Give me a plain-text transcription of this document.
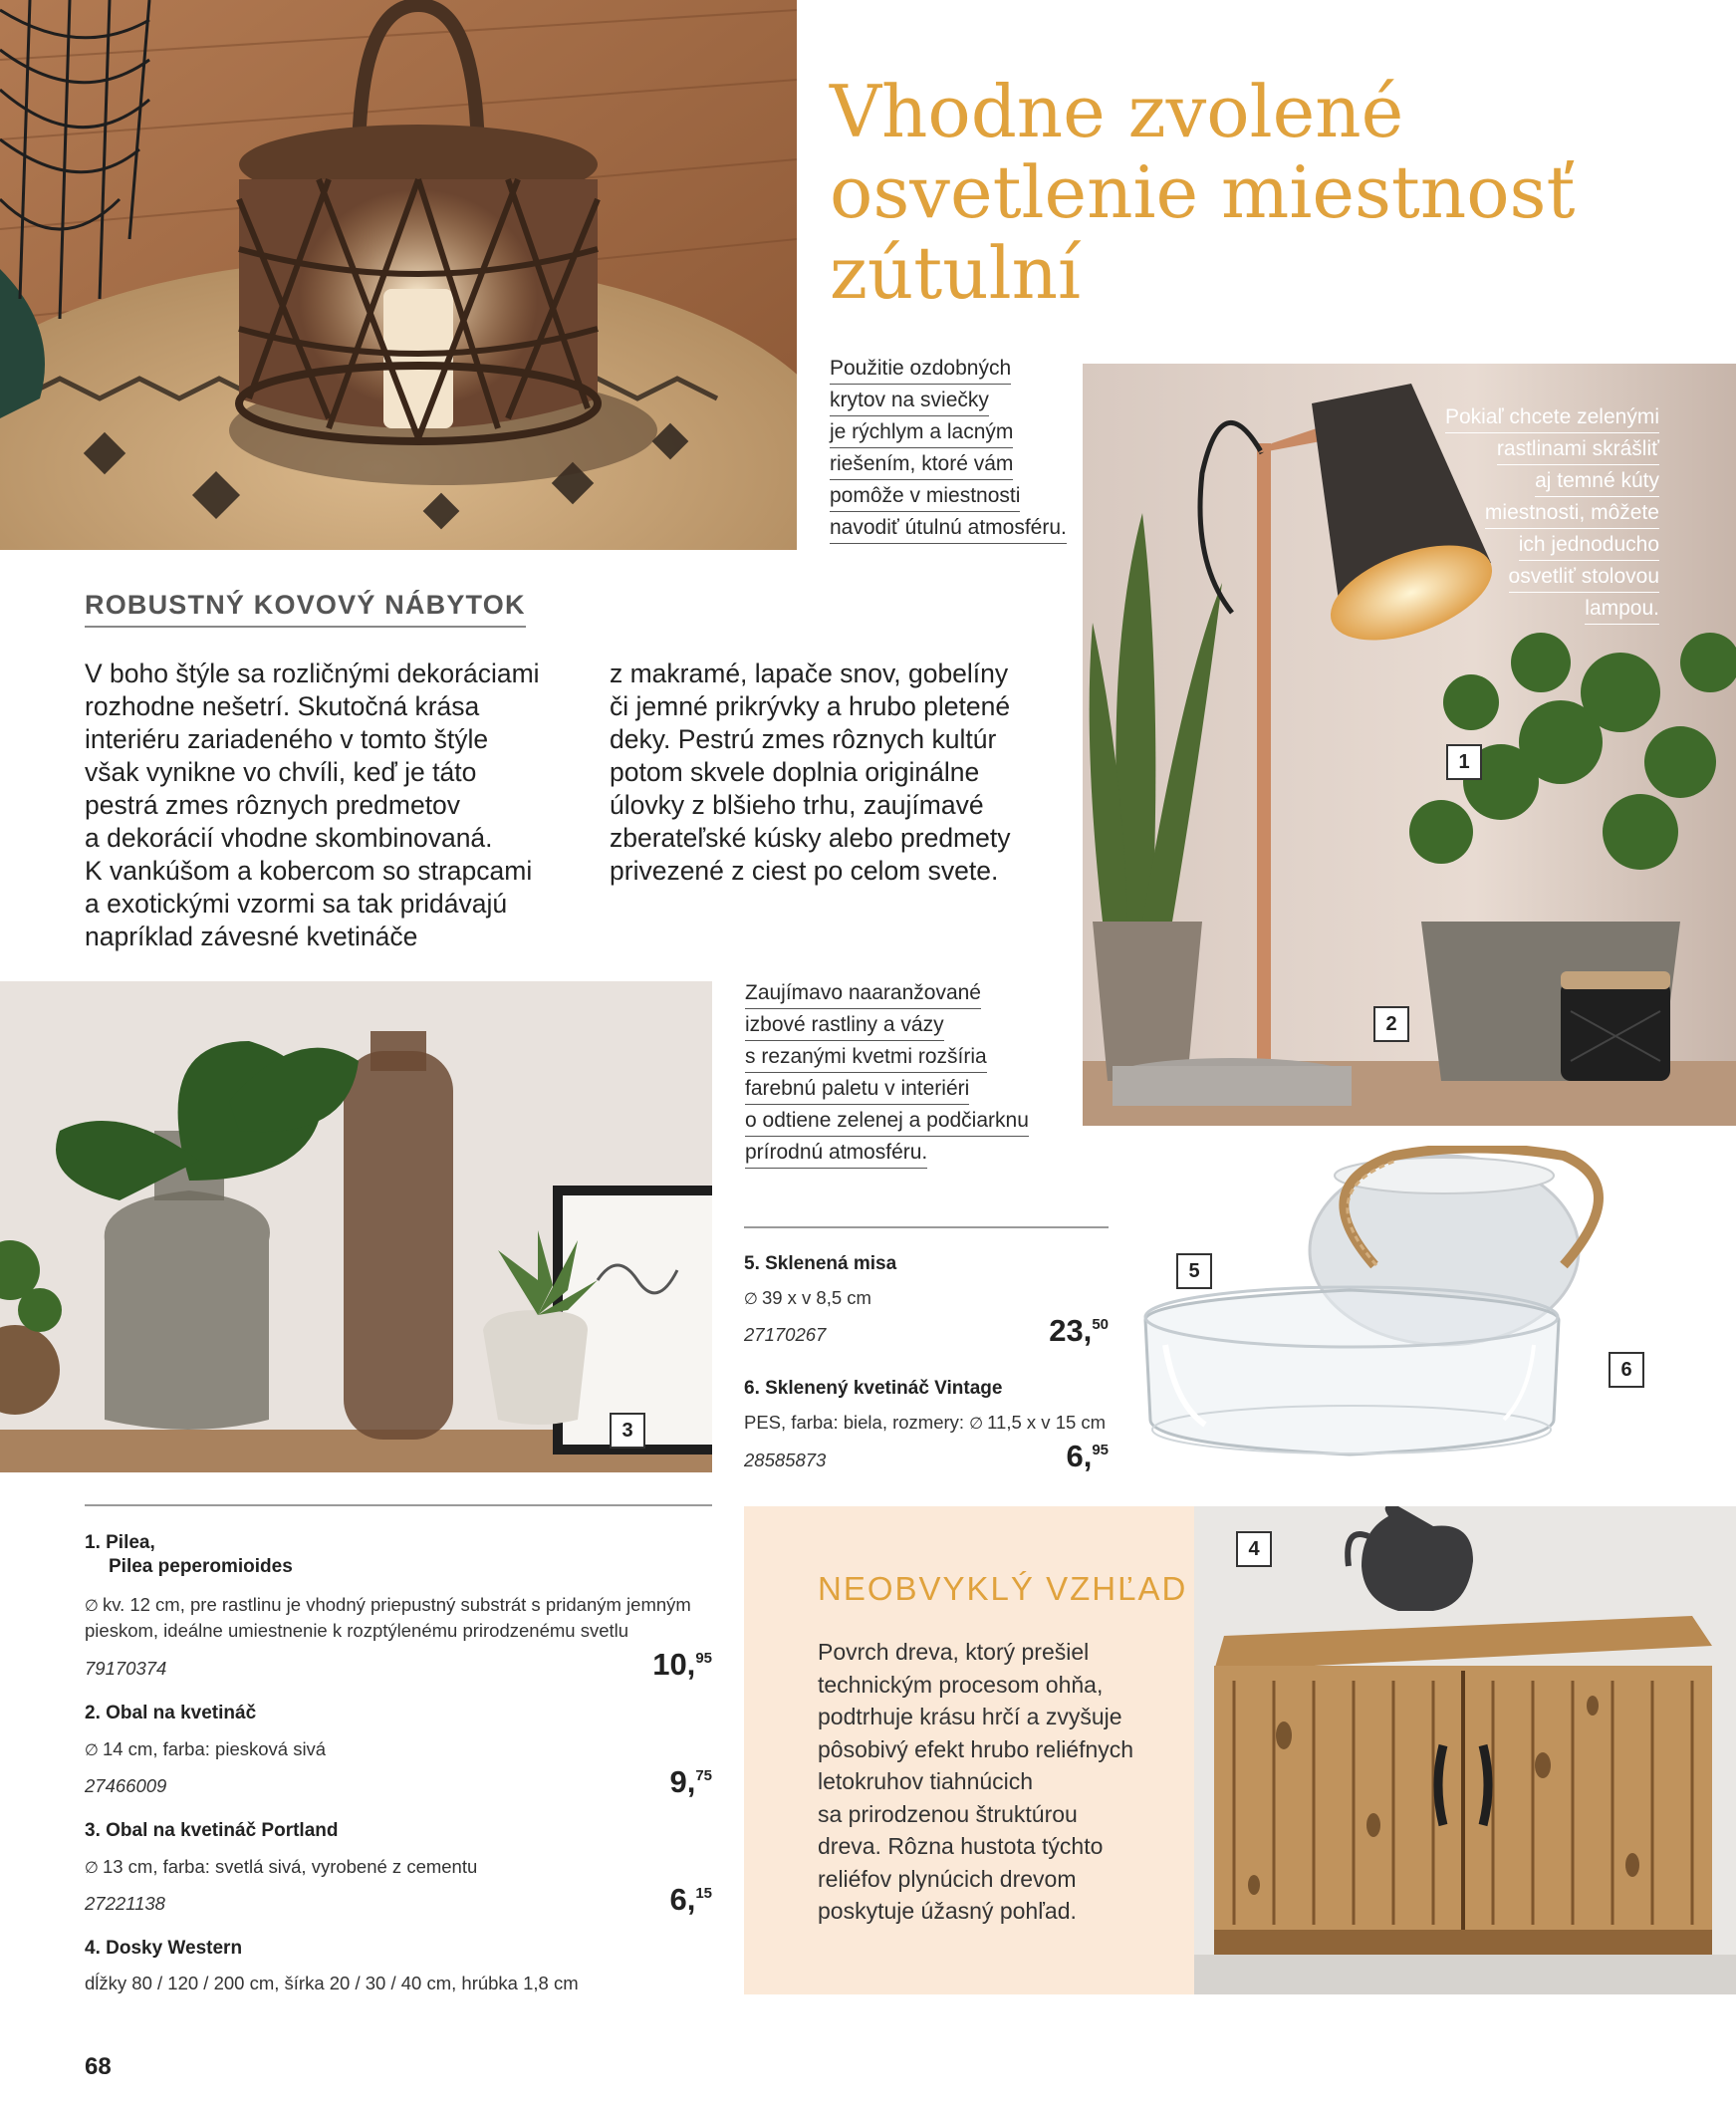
Vhodne zvolené
osvetlenie miestnosť
zútulní
Použitie ozdobných
krytov na sviečky
je rýchlym a lacným
riešením, ktoré vám
pomôže v miestnosti
navodiť útulnú atmosféru.
Pokiaľ chcete zelenými
rastlinami skrášliť
aj temné kúty
miestnosti, môžete
ich jednoducho
osvetliť stolovou
lampou.
1
2
ROBUSTNÝ KOVOVÝ NÁBYTOK
V boho štýle sa rozličnými dekoráciami
rozhodne nešetrí. Skutočná krása
interiéru zariadeného v tomto štýle
však vynikne vo chvíli, keď je táto
pestrá zmes rôznych predmetov
a dekorácií vhodne skombinovaná.
K vankúšom a kobercom so strapcami
a exotickými vzormi sa tak pridávajú
napríklad závesné kvetináče
z makramé, lapače snov, gobelíny
či jemné prikrývky a hrubo pletené
deky. Pestrú zmes rôznych kultúr
potom skvele doplnia originálne
úlovky z blšieho trhu, zaujímavé
zberateľské kúsky alebo predmety
privezené z ciest po celom svete.
3
Zaujímavo naaranžované
izbové rastliny a vázy
s rezanými kvetmi rozšíria
farebnú paletu v interiéri
o odtiene zelenej a podčiarknu
prírodnú atmosféru.
5. Sklenená misa
∅ 39 x v 8,5 cm
27170267	23,50
6. Sklenený kvetináč Vintage
PES, farba: biela, rozmery: ∅ 11,5 x v 15 cm
28585873	6,95
5
6
1. Pilea,
Pilea peperomioides
∅ kv. 12 cm, pre rastlinu je vhodný priepustný substrát s pridaným jemným
pieskom, ideálne umiestnenie k rozptýlenému prirodzenému svetlu
79170374	10,95
2. Obal na kvetináč
∅ 14 cm, farba: piesková sivá
27466009	9,75
3. Obal na kvetináč Portland
∅ 13 cm, farba: svetlá sivá, vyrobené z cementu
27221138	6,15
4. Dosky Western
dĺžky 80 / 120 / 200 cm, šírka 20 / 30 / 40 cm, hrúbka 1,8 cm
NEOBVYKLÝ VZHĽAD
Povrch dreva, ktorý prešiel
technickým procesom ohňa,
podtrhuje krásu hrčí a zvyšuje
pôsobivý efekt hrubo reliéfnych
letokruhov tiahnúcich
sa prirodzenou štruktúrou
dreva. Rôzna hustota týchto
reliéfov plynúcich drevom
poskytuje úžasný pohľad.
4
68
